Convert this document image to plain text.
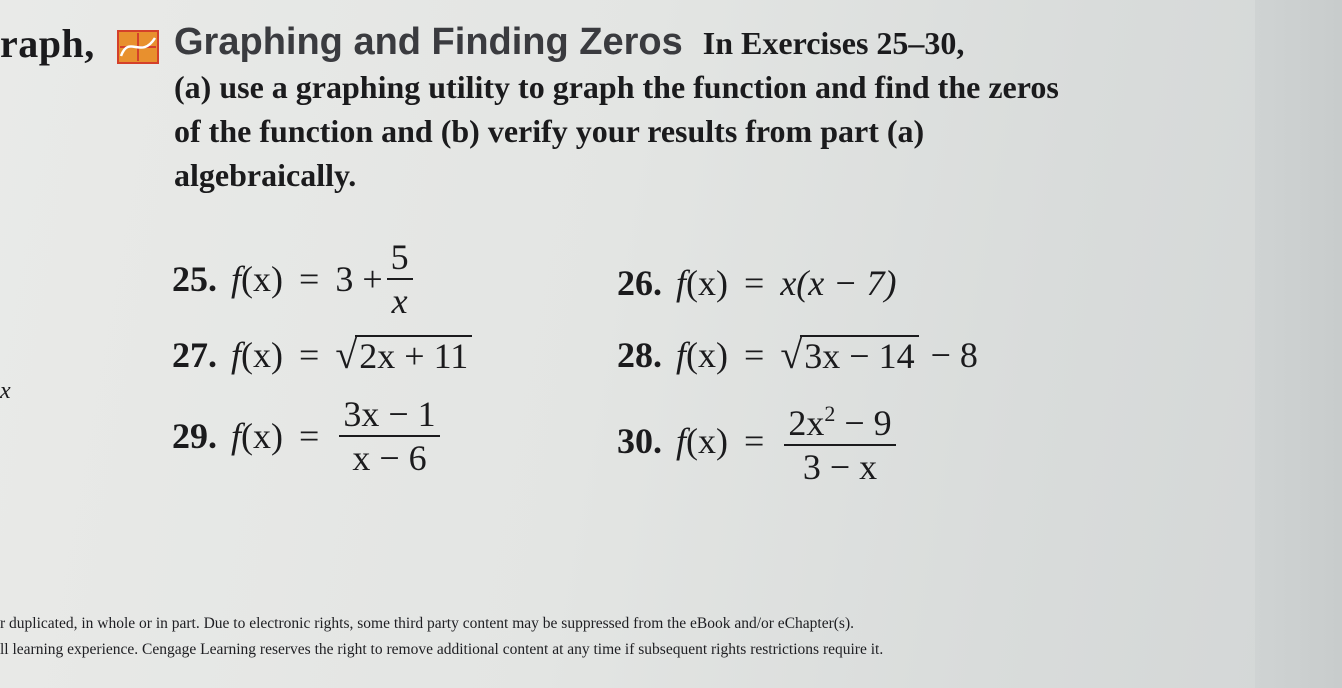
raph,
x
Graphing and Finding Zeros In Exercises 25–30,
(a) use a graphing utility to graph the function and find the zeros of the function and (b) verify your results from part (a) algebraically.
25. f $(x) = 3 + \frac{5}{x}$	26. f (x) = x(x − 7)
27. f (x) = √ 2x + 11	28. f (x) = √ 3x − 14 − 8
29. f $(x) = \frac{3x - 1}{x - 6}$	30. f $(x) = \frac{2x^2 - 9}{3 - x}$
r duplicated, in whole or in part. Due to electronic rights, some third party content may be suppressed from the eBook and/or eChapter(s).
ll learning experience. Cengage Learning reserves the right to remove additional content at any time if subsequent rights restrictions require it.
